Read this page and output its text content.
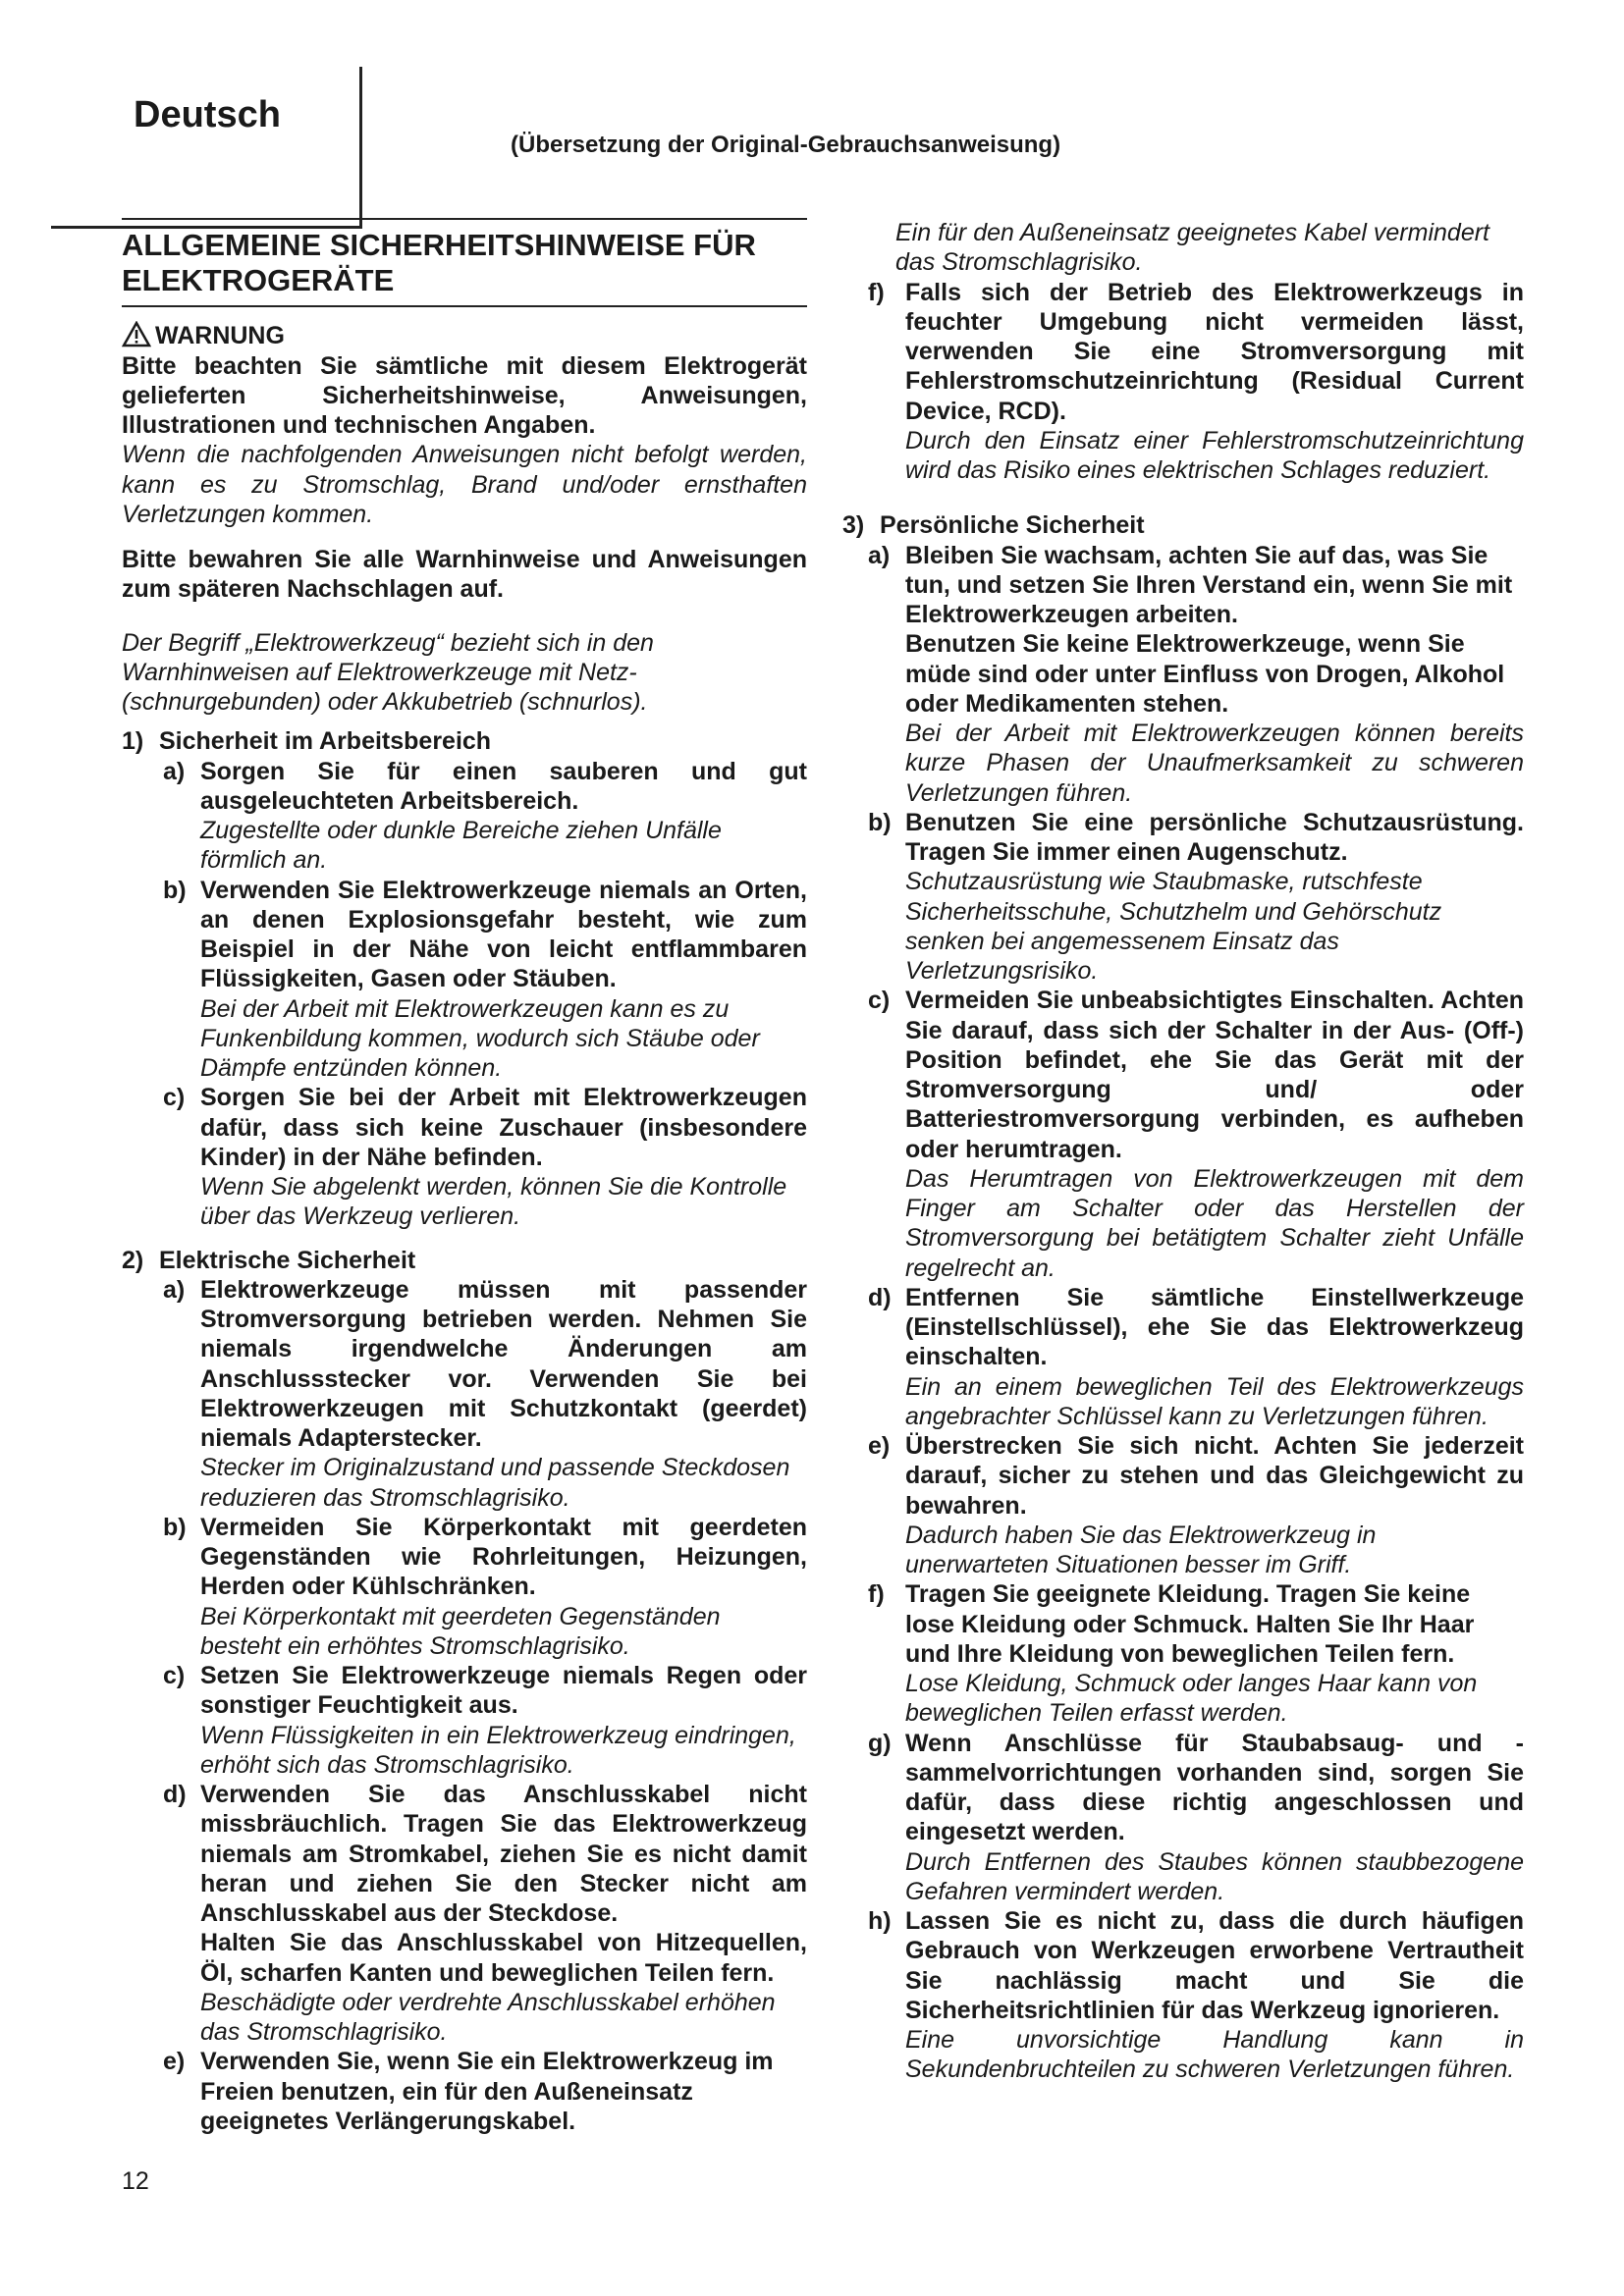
Deutsch
(Übersetzung der Original-Gebrauchsanweisung)
ALLGEMEINE SICHERHEITSHINWEISE FÜR ELEKTROGERÄTE
WARNUNG

Bitte beachten Sie sämtliche mit diesem Elektrogerät gelieferten Sicherheitshinweise, Anweisungen, Illustrationen und technischen Angaben.

Wenn die nachfolgenden Anweisungen nicht befolgt werden, kann es zu Stromschlag, Brand und/oder ernsthaften Verletzungen kommen.

Bitte bewahren Sie alle Warnhinweise und Anweisungen zum späteren Nachschlagen auf.

Der Begriff „Elektrowerkzeug“ bezieht sich in den Warnhinweisen auf Elektrowerkzeuge mit Netz- (schnurgebunden) oder Akkubetrieb (schnurlos).

1) Sicherheit im Arbeitsbereich
a) Sorgen Sie für einen sauberen und gut ausgeleuchteten Arbeitsbereich.

Zugestellte oder dunkle Bereiche ziehen Unfälle förmlich an.

b) Verwenden Sie Elektrowerkzeuge niemals an Orten, an denen Explosionsgefahr besteht, wie zum Beispiel in der Nähe von leicht entflammbaren Flüssigkeiten, Gasen oder Stäuben.

Bei der Arbeit mit Elektrowerkzeugen kann es zu Funkenbildung kommen, wodurch sich Stäube oder Dämpfe entzünden können.

c) Sorgen Sie bei der Arbeit mit Elektrowerkzeugen dafür, dass sich keine Zuschauer (insbesondere Kinder) in der Nähe befinden.

Wenn Sie abgelenkt werden, können Sie die Kontrolle über das Werkzeug verlieren.

2) Elektrische Sicherheit
a) Elektrowerkzeuge müssen mit passender Stromversorgung betrieben werden. Nehmen Sie niemals irgendwelche Änderungen am Anschlussstecker vor. Verwenden Sie bei Elektrowerkzeugen mit Schutzkontakt (geerdet) niemals Adapterstecker.

Stecker im Originalzustand und passende Steckdosen reduzieren das Stromschlagrisiko.

b) Vermeiden Sie Körperkontakt mit geerdeten Gegenständen wie Rohrleitungen, Heizungen, Herden oder Kühlschränken.

Bei Körperkontakt mit geerdeten Gegenständen besteht ein erhöhtes Stromschlagrisiko.

c) Setzen Sie Elektrowerkzeuge niemals Regen oder sonstiger Feuchtigkeit aus.

Wenn Flüssigkeiten in ein Elektrowerkzeug eindringen, erhöht sich das Stromschlagrisiko.

d) Verwenden Sie das Anschlusskabel nicht missbräuchlich. Tragen Sie das Elektrowerkzeug niemals am Stromkabel, ziehen Sie es nicht damit heran und ziehen Sie den Stecker nicht am Anschlusskabel aus der Steckdose.

Halten Sie das Anschlusskabel von Hitzequellen, Öl, scharfen Kanten und beweglichen Teilen fern.

Beschädigte oder verdrehte Anschlusskabel erhöhen das Stromschlagrisiko.

e) Verwenden Sie, wenn Sie ein Elektrowerkzeug im Freien benutzen, ein für den Außeneinsatz geeignetes Verlängerungskabel.

Ein für den Außeneinsatz geeignetes Kabel vermindert das Stromschlagrisiko.

f) Falls sich der Betrieb des Elektrowerkzeugs in feuchter Umgebung nicht vermeiden lässt, verwenden Sie eine Stromversorgung mit Fehlerstromschutzeinrichtung (Residual Current Device, RCD).

Durch den Einsatz einer Fehlerstromschutzeinrichtung wird das Risiko eines elektrischen Schlages reduziert.

3) Persönliche Sicherheit
a) Bleiben Sie wachsam, achten Sie auf das, was Sie tun, und setzen Sie Ihren Verstand ein, wenn Sie mit Elektrowerkzeugen arbeiten.

Benutzen Sie keine Elektrowerkzeuge, wenn Sie müde sind oder unter Einfluss von Drogen, Alkohol oder Medikamenten stehen.

Bei der Arbeit mit Elektrowerkzeugen können bereits kurze Phasen der Unaufmerksamkeit zu schweren Verletzungen führen.

b) Benutzen Sie eine persönliche Schutzausrüstung. Tragen Sie immer einen Augenschutz.

Schutzausrüstung wie Staubmaske, rutschfeste Sicherheitsschuhe, Schutzhelm und Gehörschutz senken bei angemessenem Einsatz das Verletzungsrisiko.

c) Vermeiden Sie unbeabsichtigtes Einschalten. Achten Sie darauf, dass sich der Schalter in der Aus- (Off-) Position befindet, ehe Sie das Gerät mit der Stromversorgung und/ oder Batteriestromversorgung verbinden, es aufheben oder herumtragen.

Das Herumtragen von Elektrowerkzeugen mit dem Finger am Schalter oder das Herstellen der Stromversorgung bei betätigtem Schalter zieht Unfälle regelrecht an.

d) Entfernen Sie sämtliche Einstellwerkzeuge (Einstellschlüssel), ehe Sie das Elektrowerkzeug einschalten.

Ein an einem beweglichen Teil des Elektrowerkzeugs angebrachter Schlüssel kann zu Verletzungen führen.

e) Überstrecken Sie sich nicht. Achten Sie jederzeit darauf, sicher zu stehen und das Gleichgewicht zu bewahren.

Dadurch haben Sie das Elektrowerkzeug in unerwarteten Situationen besser im Griff.

f) Tragen Sie geeignete Kleidung. Tragen Sie keine lose Kleidung oder Schmuck. Halten Sie Ihr Haar und Ihre Kleidung von beweglichen Teilen fern.

Lose Kleidung, Schmuck oder langes Haar kann von beweglichen Teilen erfasst werden.

g) Wenn Anschlüsse für Staubabsaug- und -sammelvorrichtungen vorhanden sind, sorgen Sie dafür, dass diese richtig angeschlossen und eingesetzt werden.

Durch Entfernen des Staubes können staubbezogene Gefahren vermindert werden.

h) Lassen Sie es nicht zu, dass die durch häufigen Gebrauch von Werkzeugen erworbene Vertrautheit Sie nachlässig macht und Sie die Sicherheitsrichtlinien für das Werkzeug ignorieren.

Eine unvorsichtige Handlung kann in Sekundenbruchteilen zu schweren Verletzungen führen.

12
